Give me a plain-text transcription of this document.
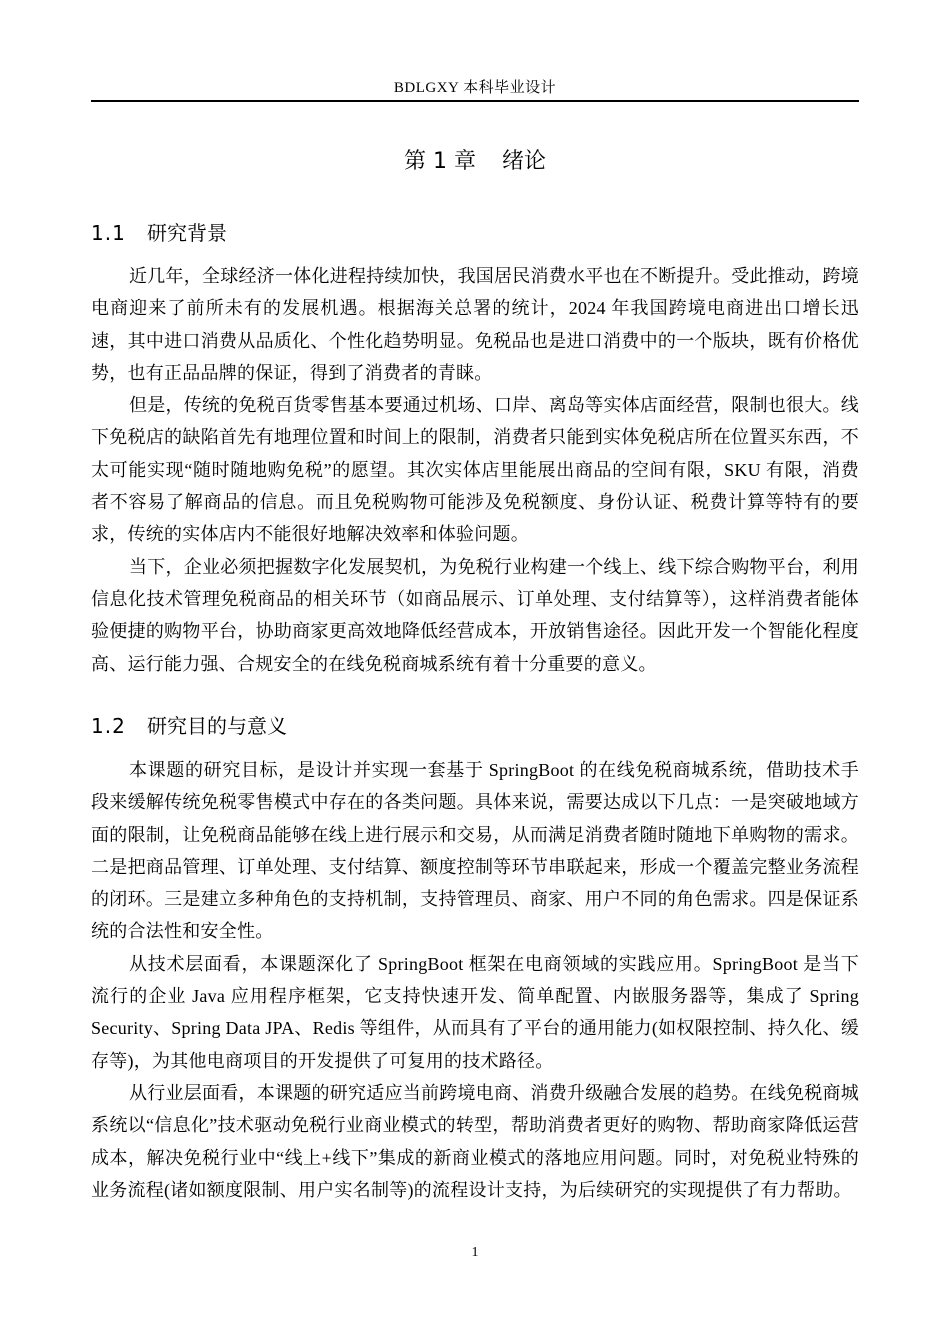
BDLGXY 本科毕业设计
第 1 章 绪论
1.1 研究背景

近几年，全球经济一体化进程持续加快，我国居民消费水平也在不断提升。受此推动，跨境电商迎来了前所未有的发展机遇。根据海关总署的统计，2024 年我国跨境电商进出口增长迅速，其中进口消费从品质化、个性化趋势明显。免税品也是进口消费中的一个版块，既有价格优势，也有正品品牌的保证，得到了消费者的青睐。

但是，传统的免税百货零售基本要通过机场、口岸、离岛等实体店面经营，限制也很大。线下免税店的缺陷首先有地理位置和时间上的限制，消费者只能到实体免税店所在位置买东西，不太可能实现“随时随地购免税”的愿望。其次实体店里能展出商品的空间有限，SKU 有限，消费者不容易了解商品的信息。而且免税购物可能涉及免税额度、身份认证、税费计算等特有的要求，传统的实体店内不能很好地解决效率和体验问题。

当下，企业必须把握数字化发展契机，为免税行业构建一个线上、线下综合购物平台，利用信息化技术管理免税商品的相关环节（如商品展示、订单处理、支付结算等），这样消费者能体验便捷的购物平台，协助商家更高效地降低经营成本，开放销售途径。因此开发一个智能化程度高、运行能力强、合规安全的在线免税商城系统有着十分重要的意义。

1.2 研究目的与意义

本课题的研究目标，是设计并实现一套基于 SpringBoot 的在线免税商城系统，借助技术手段来缓解传统免税零售模式中存在的各类问题。具体来说，需要达成以下几点：一是突破地域方面的限制，让免税商品能够在线上进行展示和交易，从而满足消费者随时随地下单购物的需求。二是把商品管理、订单处理、支付结算、额度控制等环节串联起来，形成一个覆盖完整业务流程的闭环。三是建立多种角色的支持机制，支持管理员、商家、用户不同的角色需求。四是保证系统的合法性和安全性。

从技术层面看，本课题深化了 SpringBoot 框架在电商领域的实践应用。SpringBoot 是当下流行的企业 Java 应用程序框架，它支持快速开发、简单配置、内嵌服务器等，集成了 Spring Security、Spring Data JPA、Redis 等组件，从而具有了平台的通用能力(如权限控制、持久化、缓存等)，为其他电商项目的开发提供了可复用的技术路径。

从行业层面看，本课题的研究适应当前跨境电商、消费升级融合发展的趋势。在线免税商城系统以“信息化”技术驱动免税行业商业模式的转型，帮助消费者更好的购物、帮助商家降低运营成本，解决免税行业中“线上+线下”集成的新商业模式的落地应用问题。同时，对免税业特殊的业务流程(诸如额度限制、用户实名制等)的流程设计支持，为后续研究的实现提供了有力帮助。

1
